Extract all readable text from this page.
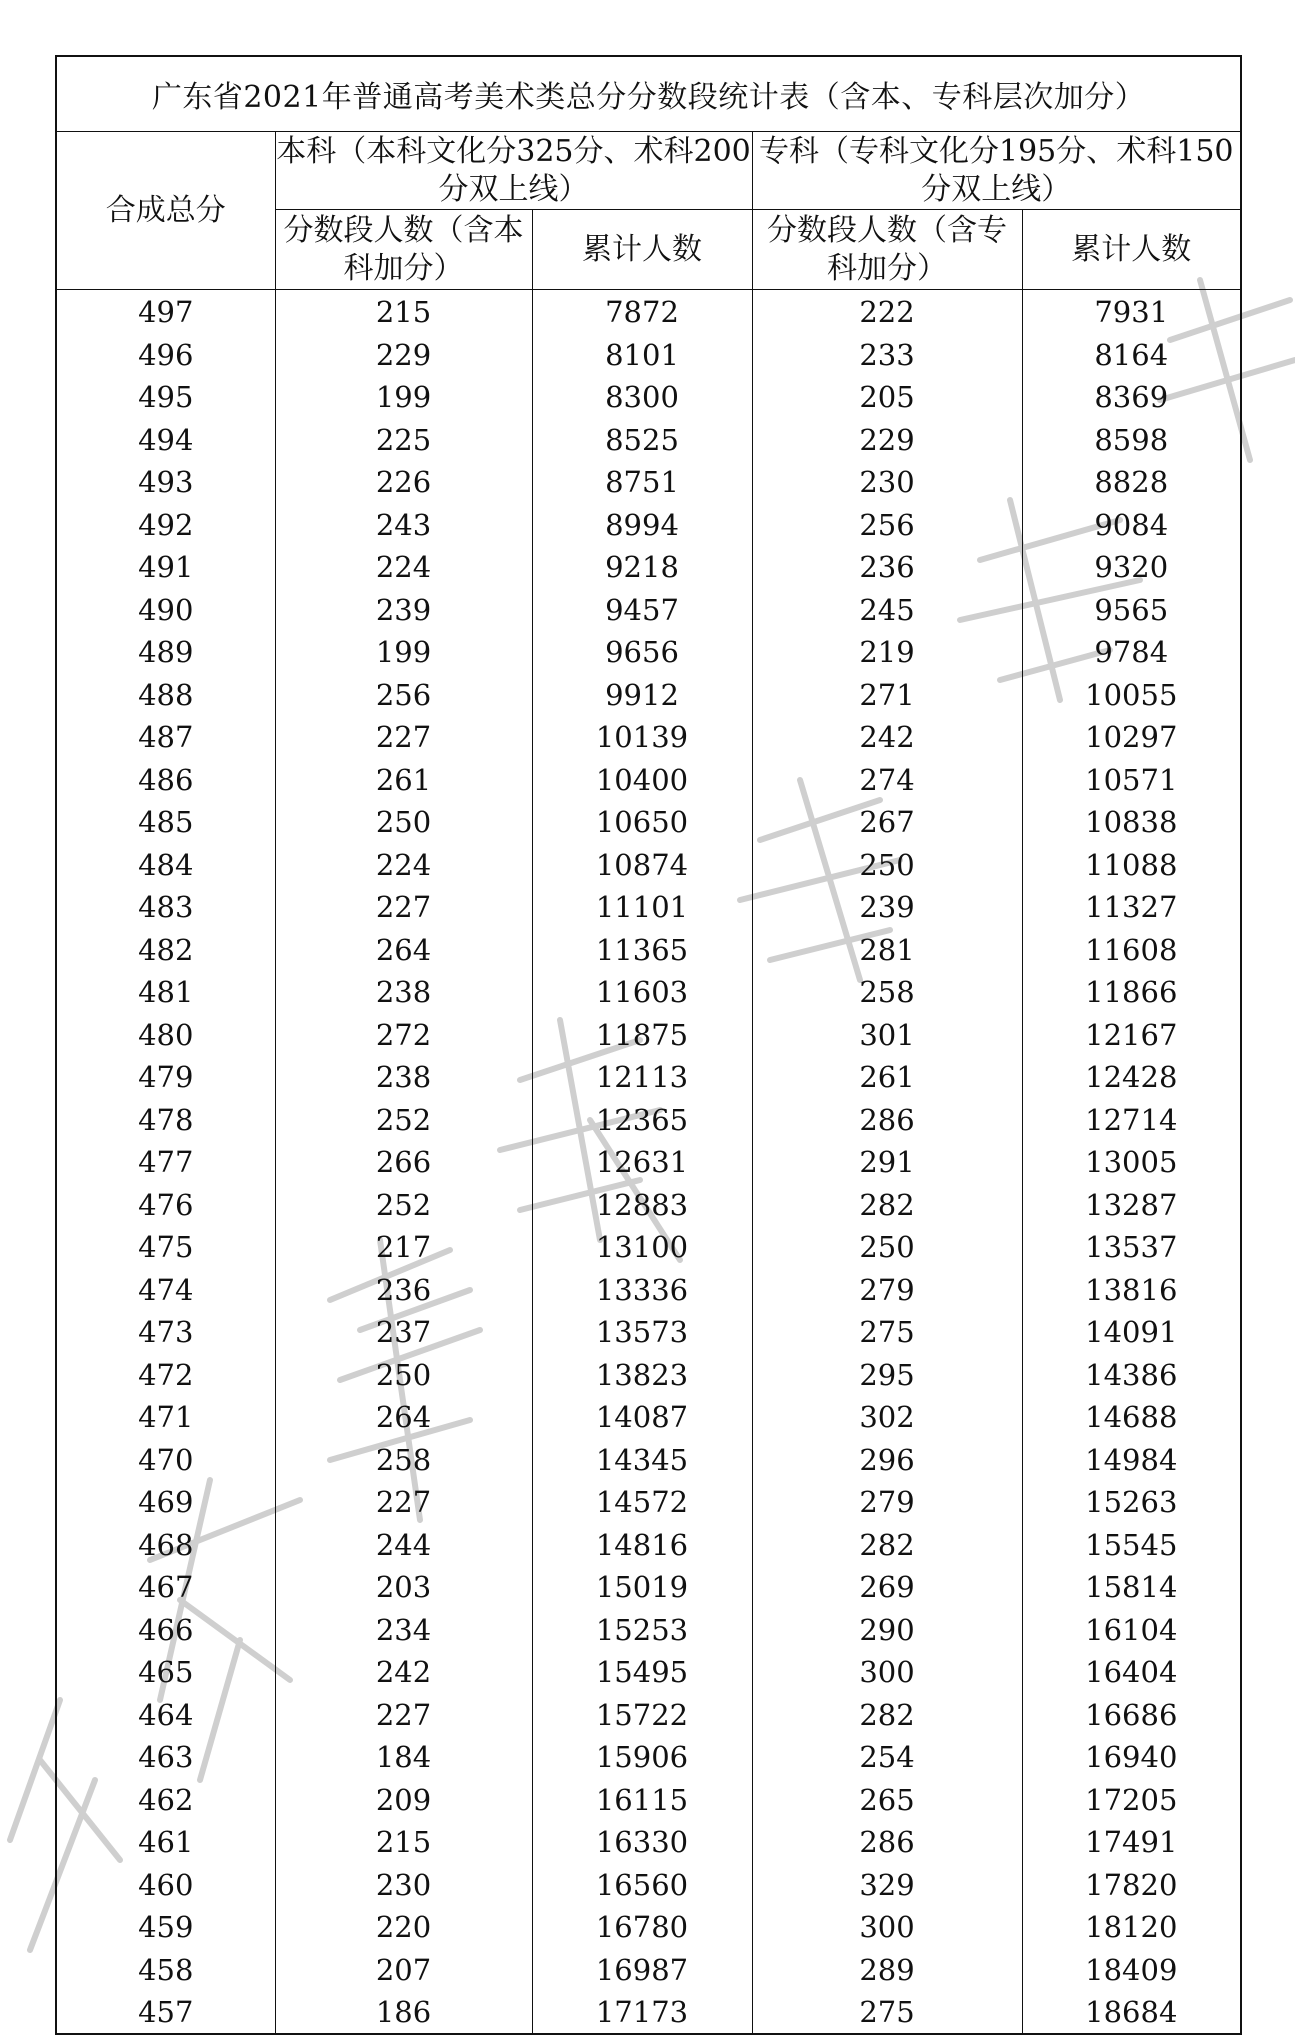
广东省2021年普通高考美术类总分分数段统计表（含本、专科层次加分）				
合成总分	本科（本科文化分325分、术科200分双上线）		专科（专科文化分195分、术科150分双上线）	
	分数段人数（含本科加分）	累计人数	分数段人数（含专科加分）	累计人数
497	215	7872	222	7931
496	229	8101	233	8164
495	199	8300	205	8369
494	225	8525	229	8598
493	226	8751	230	8828
492	243	8994	256	9084
491	224	9218	236	9320
490	239	9457	245	9565
489	199	9656	219	9784
488	256	9912	271	10055
487	227	10139	242	10297
486	261	10400	274	10571
485	250	10650	267	10838
484	224	10874	250	11088
483	227	11101	239	11327
482	264	11365	281	11608
481	238	11603	258	11866
480	272	11875	301	12167
479	238	12113	261	12428
478	252	12365	286	12714
477	266	12631	291	13005
476	252	12883	282	13287
475	217	13100	250	13537
474	236	13336	279	13816
473	237	13573	275	14091
472	250	13823	295	14386
471	264	14087	302	14688
470	258	14345	296	14984
469	227	14572	279	15263
468	244	14816	282	15545
467	203	15019	269	15814
466	234	15253	290	16104
465	242	15495	300	16404
464	227	15722	282	16686
463	184	15906	254	16940
462	209	16115	265	17205
461	215	16330	286	17491
460	230	16560	329	17820
459	220	16780	300	18120
458	207	16987	289	18409
457	186	17173	275	18684
